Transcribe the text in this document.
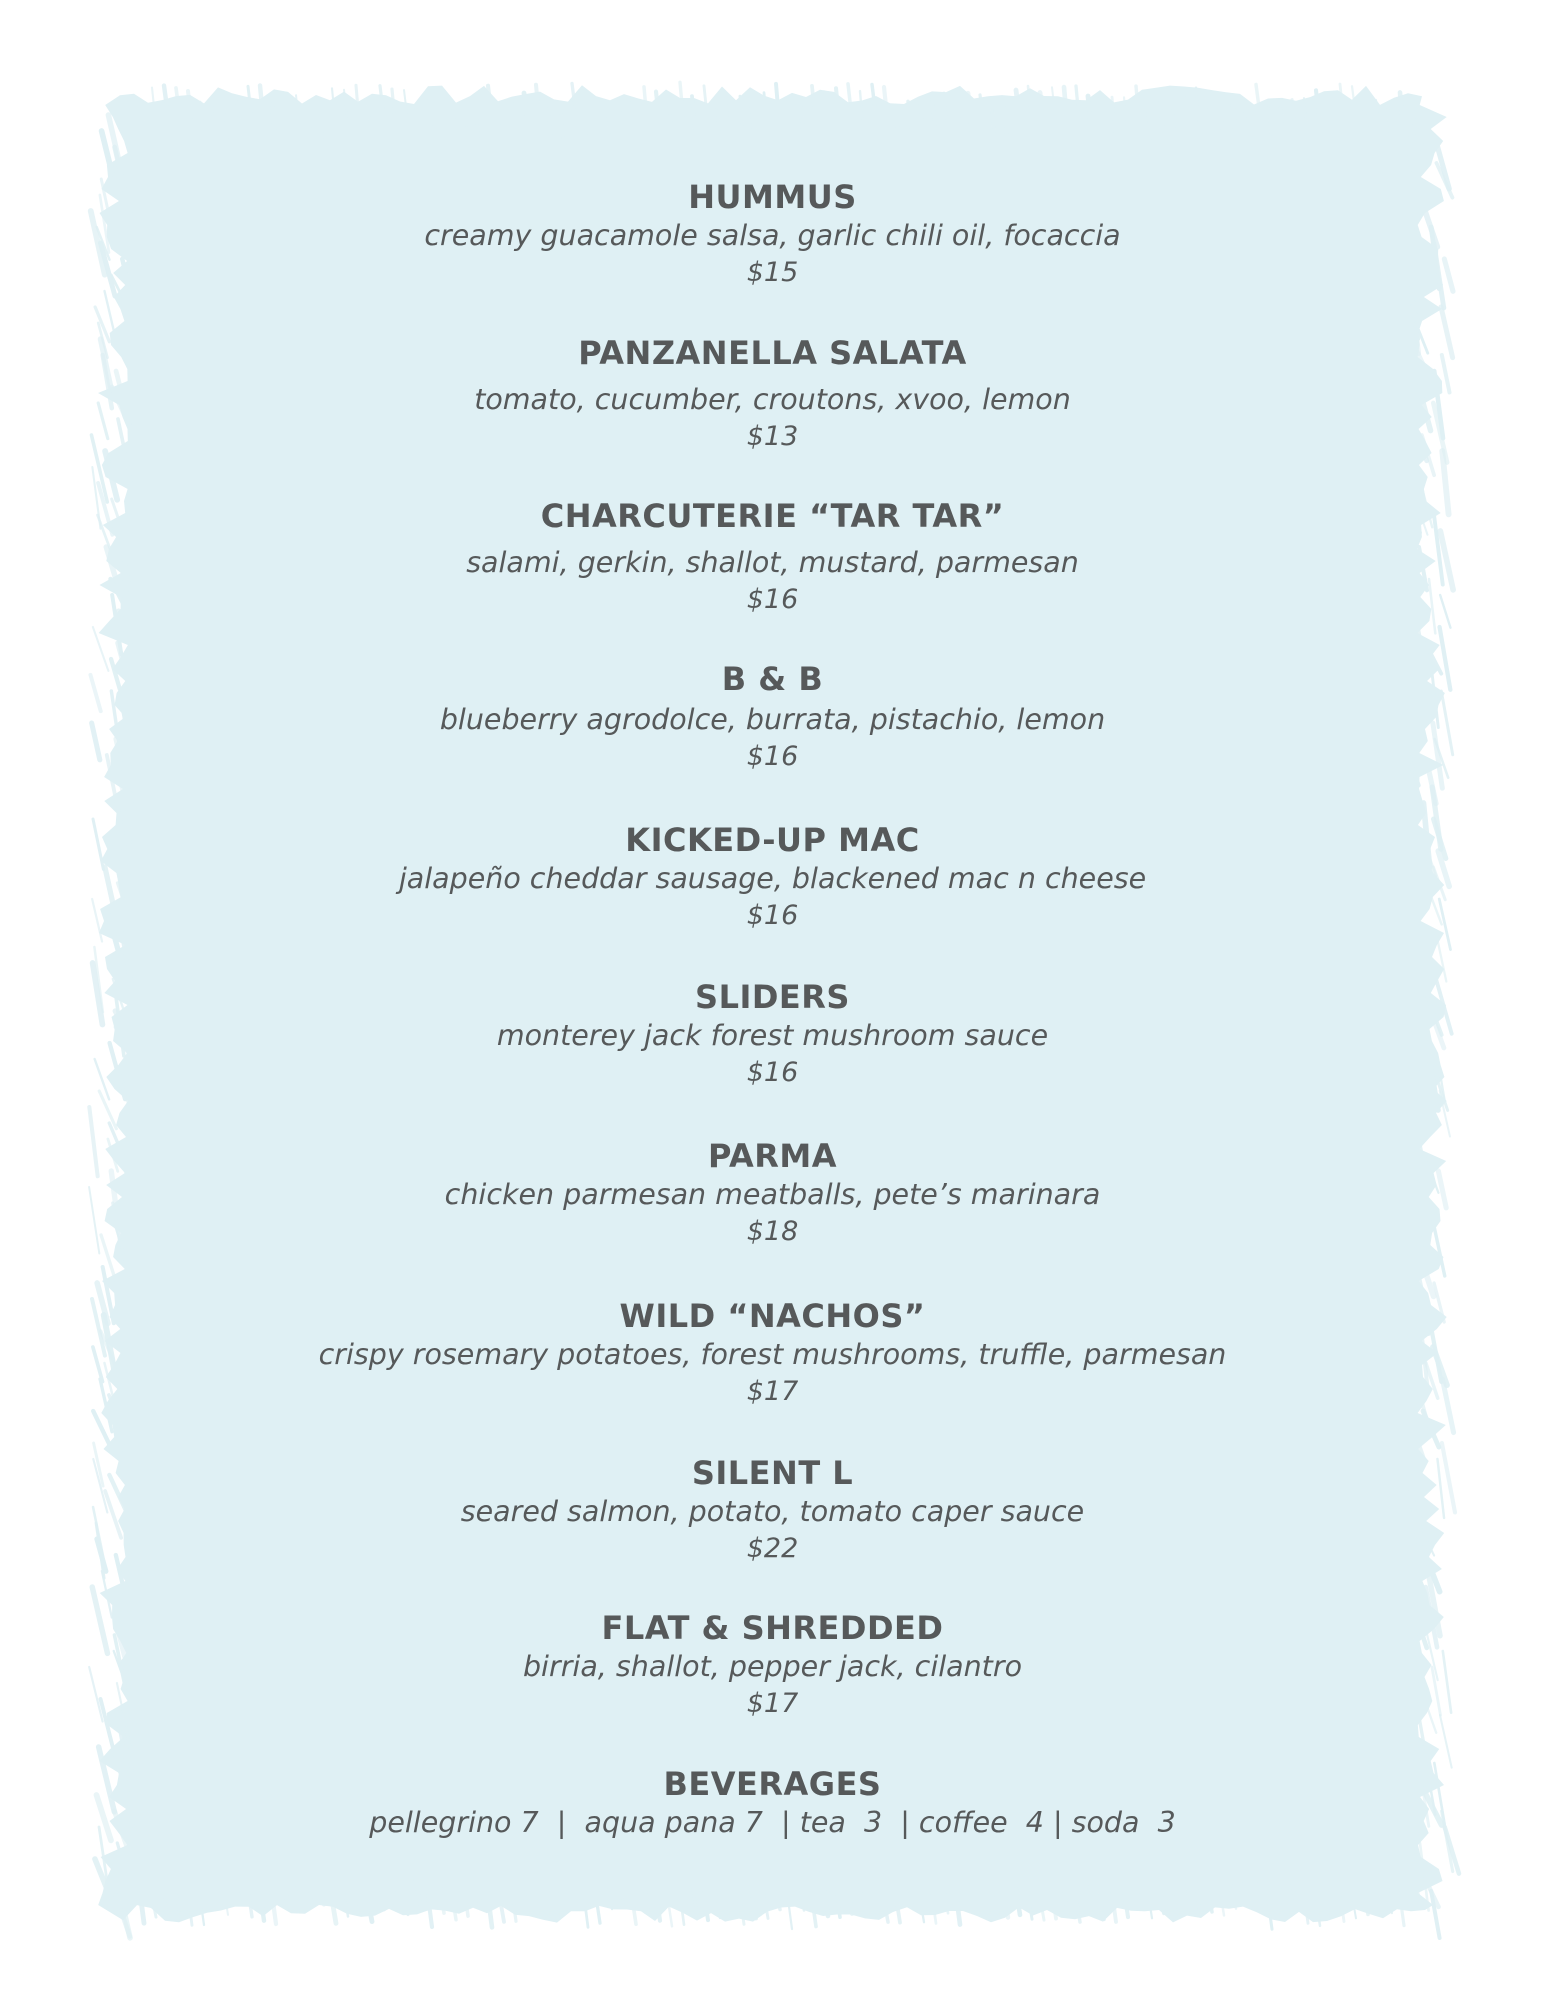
HUMMUS
creamy guacamole salsa, garlic chili oil, focaccia
$15
PANZANELLA SALATA
tomato, cucumber, croutons, xvoo, lemon
$13
CHARCUTERIE “TAR TAR”
salami, gerkin, shallot, mustard, parmesan
$16
B & B
blueberry agrodolce, burrata, pistachio, lemon
$16
KICKED-UP MAC
jalapeño cheddar sausage, blackened mac n cheese
$16
SLIDERS
monterey jack forest mushroom sauce
$16
PARMA
chicken parmesan meatballs, pete’s marinara
$18
WILD “NACHOS”
crispy rosemary potatoes, forest mushrooms, truffle, parmesan
$17
SILENT L
seared salmon, potato, tomato caper sauce
$22
FLAT & SHREDDED
birria, shallot, pepper jack, cilantro
$17
BEVERAGES
pellegrino 7  |  aqua pana 7  | tea  3  | coffee  4 | soda  3
